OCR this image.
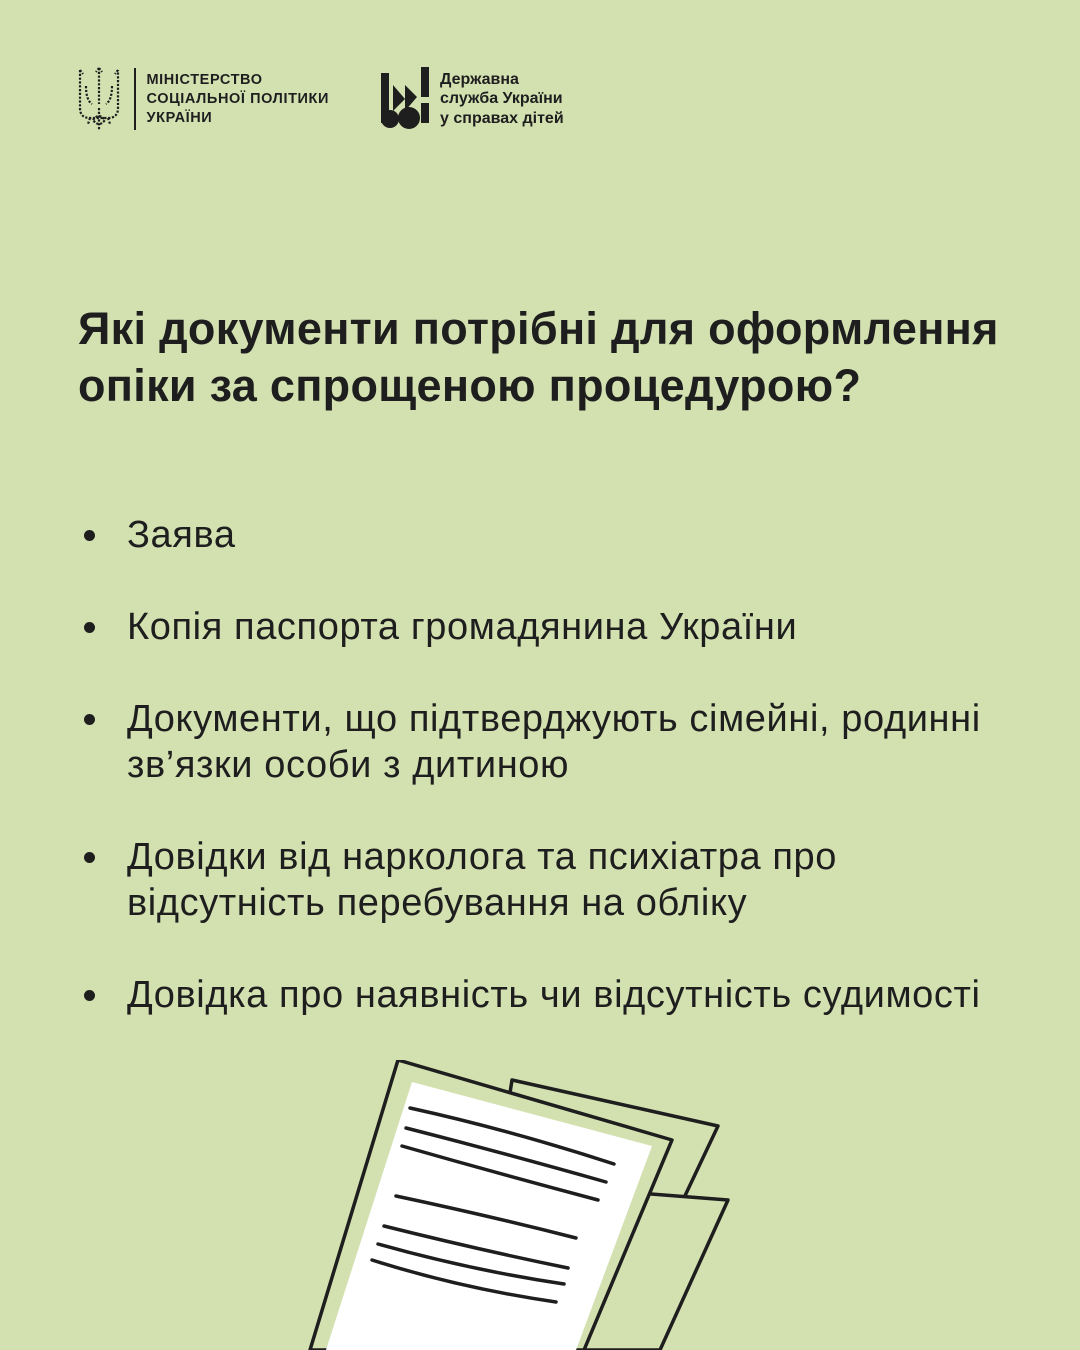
МІНІСТЕРСТВО
СОЦІАЛЬНОЇ ПОЛІТИКИ
УКРАЇНИ
Державна
служба України
у справах дітей
Які документи потрібні для оформлення опіки за спрощеною процедурою?
Заява
Копія паспорта громадянина України
Документи, що підтверджують сімейні, родинні зв’язки особи з дитиною
Довідки від нарколога та психіатра про відсутність перебування на обліку
Довідка про наявність чи відсутність судимості
